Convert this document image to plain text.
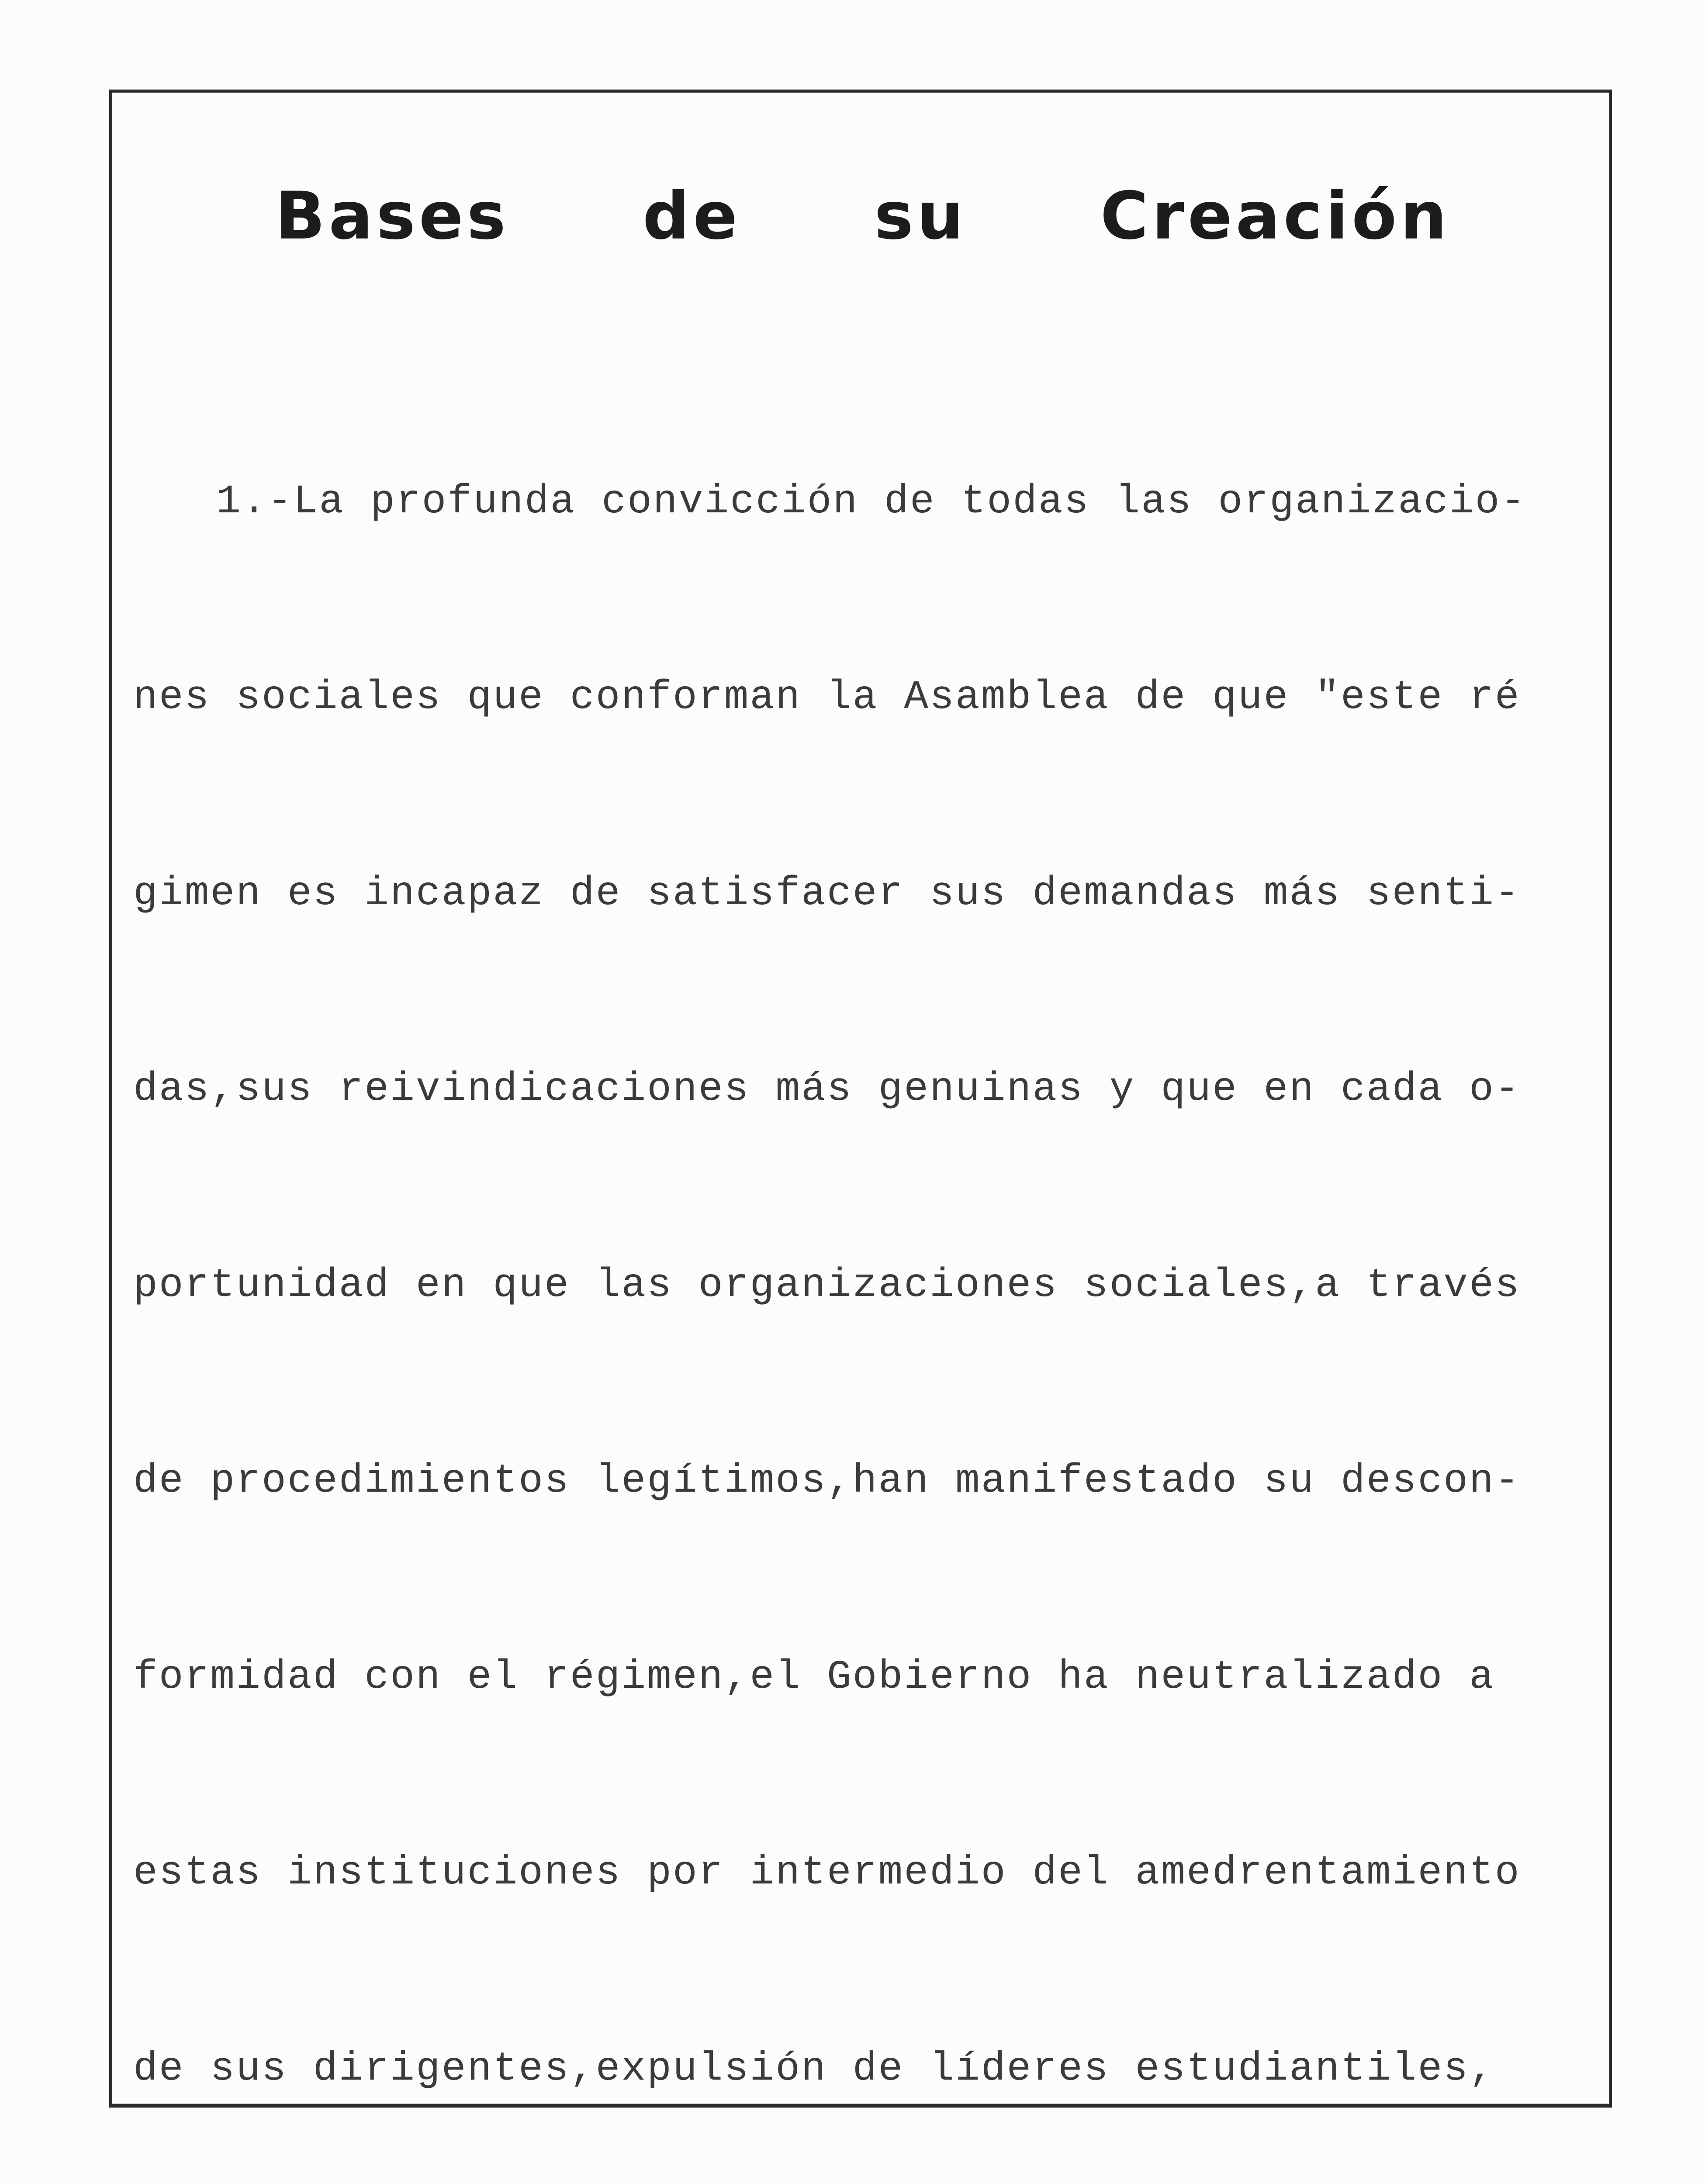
Bases de su Creación

1.-La profunda convicción de todas las organizacio-

nes sociales que conforman la Asamblea de que "este ré

gimen es incapaz de satisfacer sus demandas más senti-

das,sus reivindicaciones más genuinas y que en cada o-

portunidad en que las organizaciones sociales,a través

de procedimientos legítimos,han manifestado su descon-

formidad con el régimen,el Gobierno ha neutralizado a

estas instituciones por intermedio del amedrentamiento

de sus dirigentes,expulsión de líderes estudiantiles,
